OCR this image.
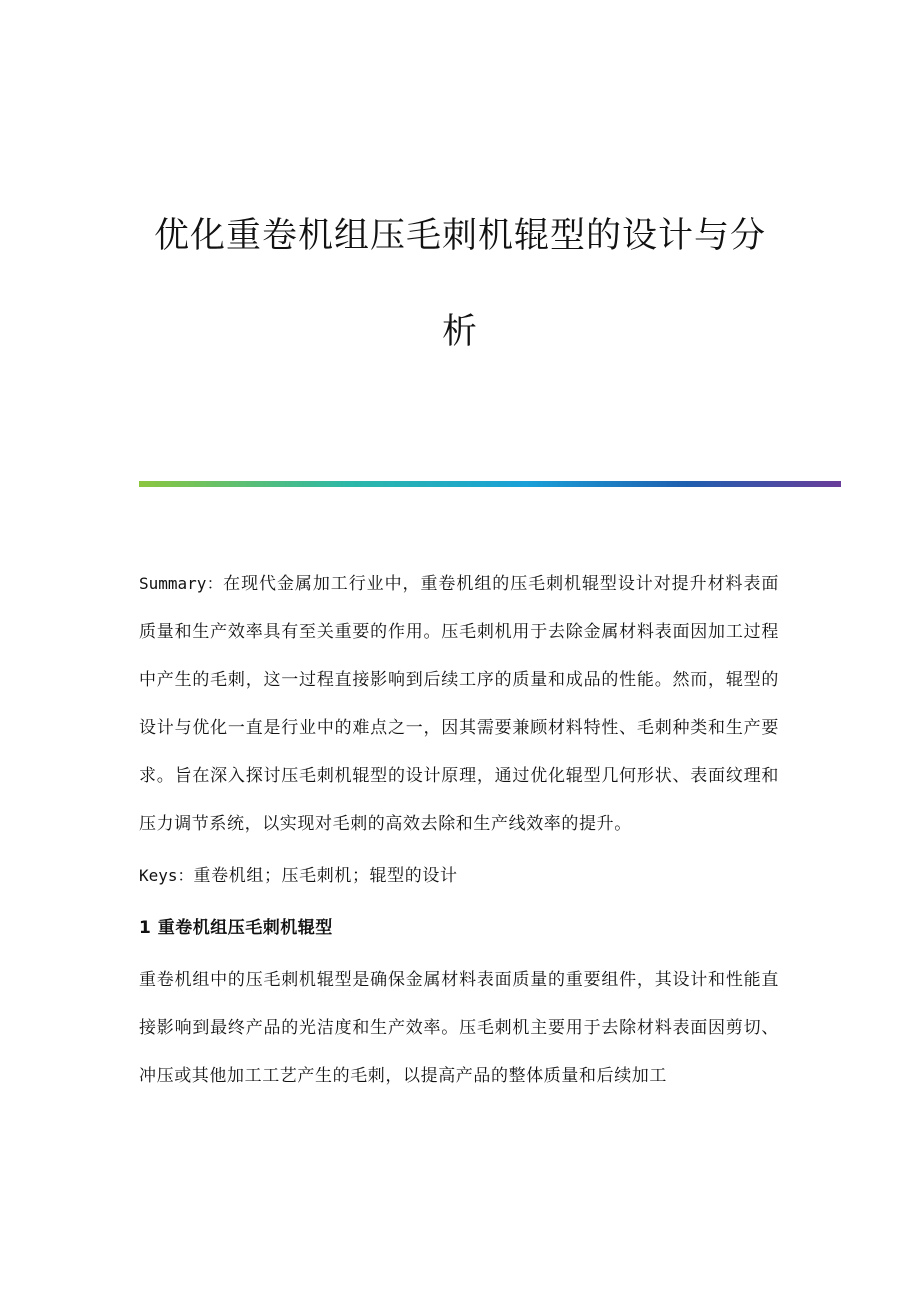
优化重卷机组压毛刺机辊型的设计与分
析

Summary：在现代金属加工行业中，重卷机组的压毛刺机辊型设计对提升材料表面质量和生产效率具有至关重要的作用。压毛刺机用于去除金属材料表面因加工过程中产生的毛刺，这一过程直接影响到后续工序的质量和成品的性能。然而，辊型的设计与优化一直是行业中的难点之一，因其需要兼顾材料特性、毛刺种类和生产要求。旨在深入探讨压毛刺机辊型的设计原理，通过优化辊型几何形状、表面纹理和压力调节系统，以实现对毛刺的高效去除和生产线效率的提升。

Keys：重卷机组；压毛刺机；辊型的设计

1 重卷机组压毛刺机辊型

重卷机组中的压毛刺机辊型是确保金属材料表面质量的重要组件，其设计和性能直接影响到最终产品的光洁度和生产效率。压毛刺机主要用于去除材料表面因剪切、冲压或其他加工工艺产生的毛刺，以提高产品的整体质量和后续加工
